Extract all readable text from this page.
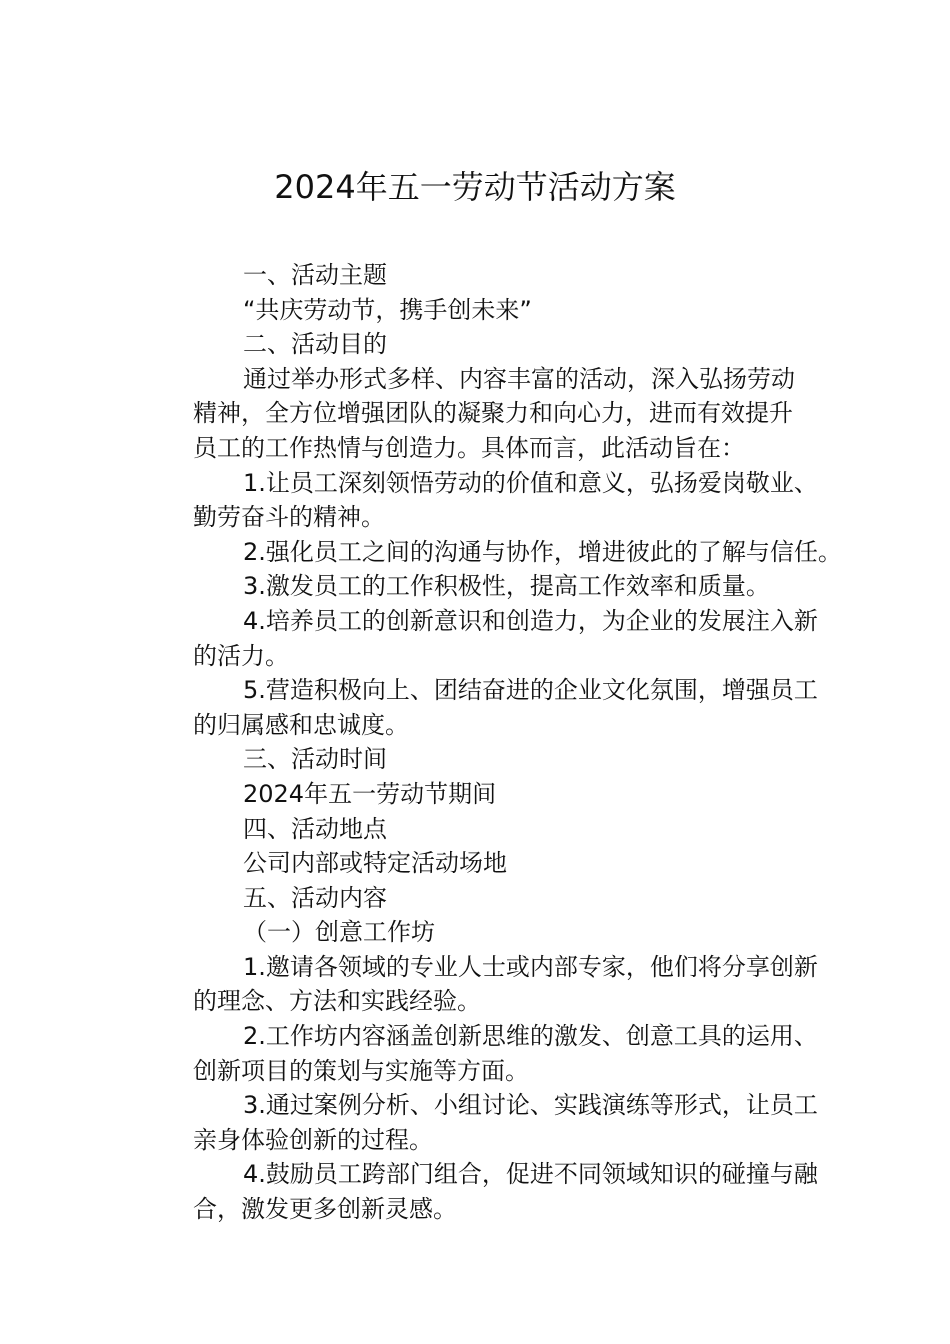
2024年五一劳动节活动方案
一、活动主题
“共庆劳动节，携手创未来”
二、活动目的
通过举办形式多样、内容丰富的活动，深入弘扬劳动
精神，全方位增强团队的凝聚力和向心力，进而有效提升
员工的工作热情与创造力。具体而言，此活动旨在：
1.让员工深刻领悟劳动的价值和意义，弘扬爱岗敬业、
勤劳奋斗的精神。
2.强化员工之间的沟通与协作，增进彼此的了解与信任。
3.激发员工的工作积极性，提高工作效率和质量。
4.培养员工的创新意识和创造力，为企业的发展注入新
的活力。
5.营造积极向上、团结奋进的企业文化氛围，增强员工
的归属感和忠诚度。
三、活动时间
2024年五一劳动节期间
四、活动地点
公司内部或特定活动场地
五、活动内容
（一）创意工作坊
1.邀请各领域的专业人士或内部专家，他们将分享创新
的理念、方法和实践经验。
2.工作坊内容涵盖创新思维的激发、创意工具的运用、
创新项目的策划与实施等方面。
3.通过案例分析、小组讨论、实践演练等形式，让员工
亲身体验创新的过程。
4.鼓励员工跨部门组合，促进不同领域知识的碰撞与融
合，激发更多创新灵感。
